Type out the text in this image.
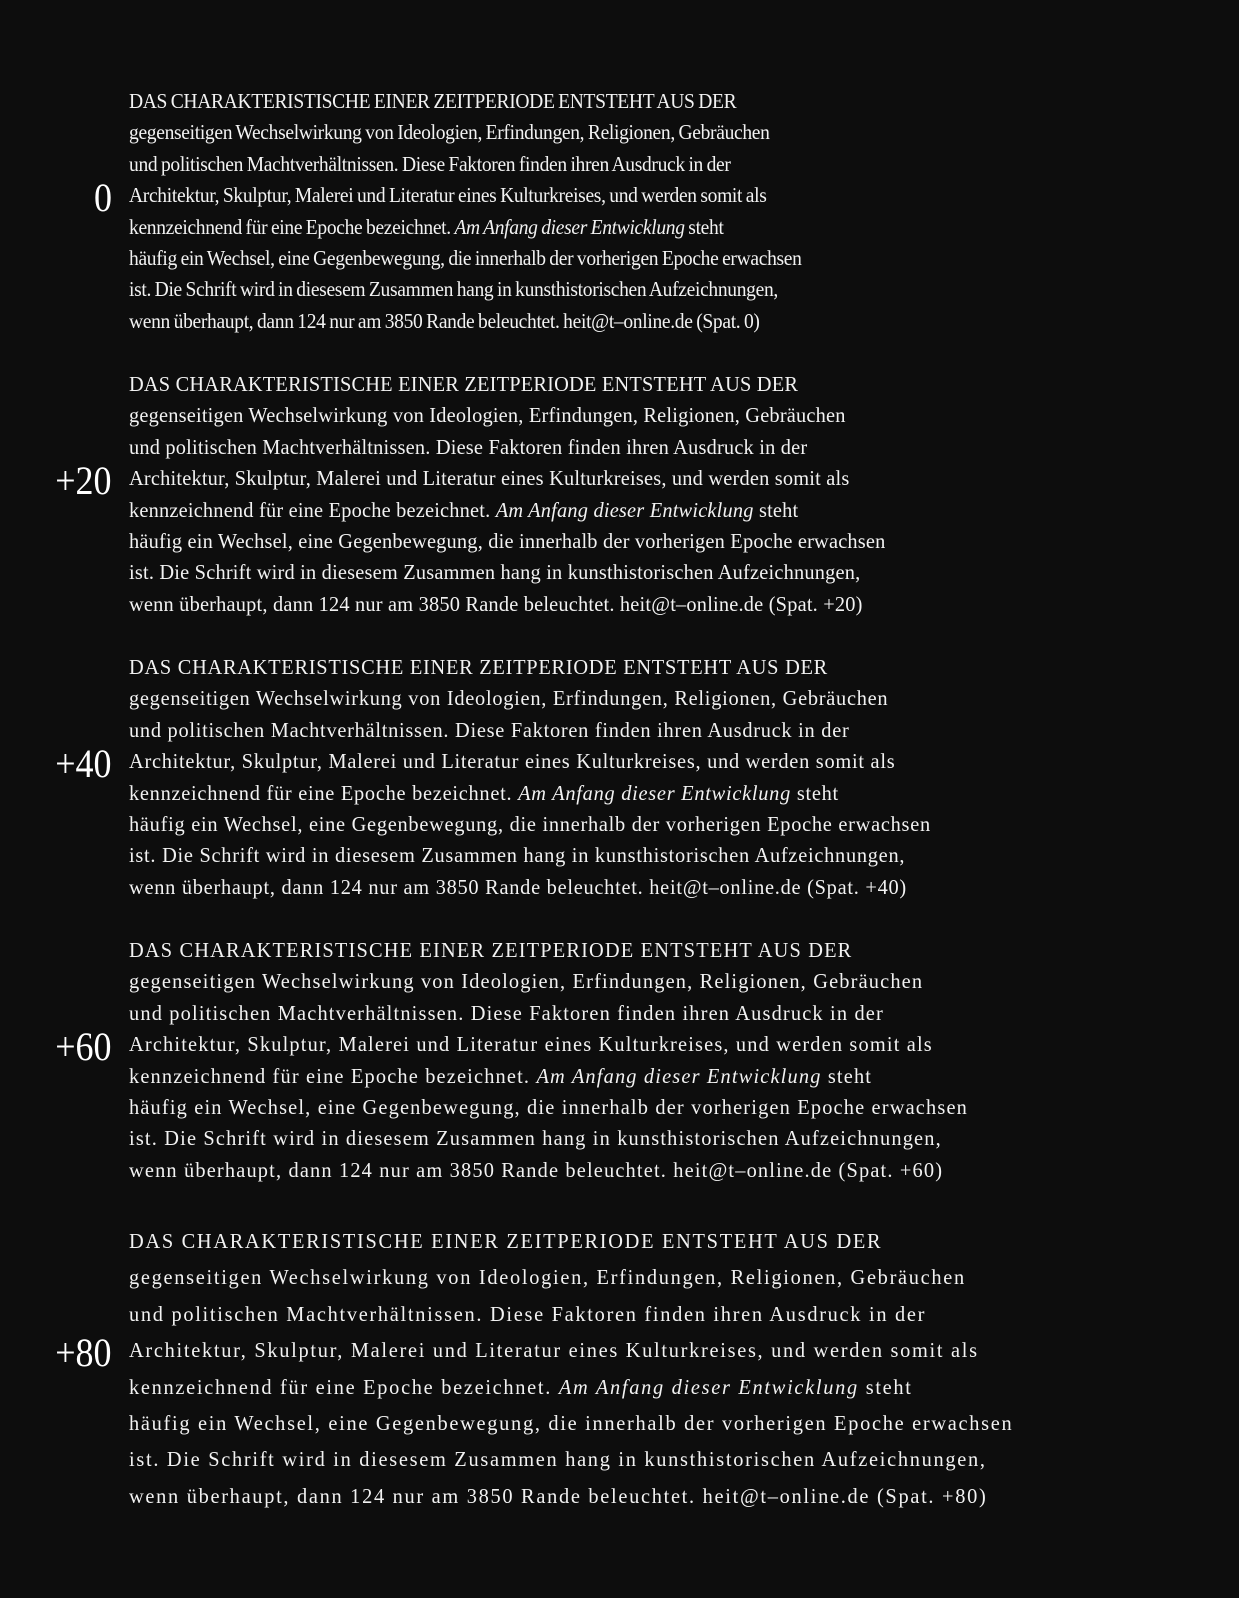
0

DAS CHARAKTERISTISCHE EINER ZEITPERIODE ENTSTEHT AUS DER
gegenseitigen Wechselwirkung von Ideologien, Erfindungen, Religionen, Gebräuchen
und politischen Machtverhältnissen. Diese Faktoren finden ihren Ausdruck in der
Architektur, Skulptur, Malerei und Literatur eines Kulturkreises, und werden somit als
kennzeichnend für eine Epoche bezeichnet. Am Anfang dieser Entwicklung steht
häufig ein Wechsel, eine Gegenbewegung, die innerhalb der vorherigen Epoche erwachsen
ist. Die Schrift wird in diesesem Zusammen hang in kunsthistorischen Aufzeichnungen,
wenn überhaupt, dann 124 nur am 3850 Rande beleuchtet. heit@t–online.de (Spat. 0)

+20

DAS CHARAKTERISTISCHE EINER ZEITPERIODE ENTSTEHT AUS DER
gegenseitigen Wechselwirkung von Ideologien, Erfindungen, Religionen, Gebräuchen
und politischen Machtverhältnissen. Diese Faktoren finden ihren Ausdruck in der
Architektur, Skulptur, Malerei und Literatur eines Kulturkreises, und werden somit als
kennzeichnend für eine Epoche bezeichnet. Am Anfang dieser Entwicklung steht
häufig ein Wechsel, eine Gegenbewegung, die innerhalb der vorherigen Epoche erwachsen
ist. Die Schrift wird in diesesem Zusammen hang in kunsthistorischen Aufzeichnungen,
wenn überhaupt, dann 124 nur am 3850 Rande beleuchtet. heit@t–online.de (Spat. +20)

+40

DAS CHARAKTERISTISCHE EINER ZEITPERIODE ENTSTEHT AUS DER
gegenseitigen Wechselwirkung von Ideologien, Erfindungen, Religionen, Gebräuchen
und politischen Machtverhältnissen. Diese Faktoren finden ihren Ausdruck in der
Architektur, Skulptur, Malerei und Literatur eines Kulturkreises, und werden somit als
kennzeichnend für eine Epoche bezeichnet. Am Anfang dieser Entwicklung steht
häufig ein Wechsel, eine Gegenbewegung, die innerhalb der vorherigen Epoche erwachsen
ist. Die Schrift wird in diesesem Zusammen hang in kunsthistorischen Aufzeichnungen,
wenn überhaupt, dann 124 nur am 3850 Rande beleuchtet. heit@t–online.de (Spat. +40)

+60

DAS CHARAKTERISTISCHE EINER ZEITPERIODE ENTSTEHT AUS DER
gegenseitigen Wechselwirkung von Ideologien, Erfindungen, Religionen, Gebräuchen
und politischen Machtverhältnissen. Diese Faktoren finden ihren Ausdruck in der
Architektur, Skulptur, Malerei und Literatur eines Kulturkreises, und werden somit als
kennzeichnend für eine Epoche bezeichnet. Am Anfang dieser Entwicklung steht
häufig ein Wechsel, eine Gegenbewegung, die innerhalb der vorherigen Epoche erwachsen
ist. Die Schrift wird in diesesem Zusammen hang in kunsthistorischen Aufzeichnungen,
wenn überhaupt, dann 124 nur am 3850 Rande beleuchtet. heit@t–online.de (Spat. +60)

+80

DAS CHARAKTERISTISCHE EINER ZEITPERIODE ENTSTEHT AUS DER
gegenseitigen Wechselwirkung von Ideologien, Erfindungen, Religionen, Gebräuchen
und politischen Machtverhältnissen. Diese Faktoren finden ihren Ausdruck in der
Architektur, Skulptur, Malerei und Literatur eines Kulturkreises, und werden somit als
kennzeichnend für eine Epoche bezeichnet. Am Anfang dieser Entwicklung steht
häufig ein Wechsel, eine Gegenbewegung, die innerhalb der vorherigen Epoche erwachsen
ist. Die Schrift wird in diesesem Zusammen hang in kunsthistorischen Aufzeichnungen,
wenn überhaupt, dann 124 nur am 3850 Rande beleuchtet. heit@t–online.de (Spat. +80)
